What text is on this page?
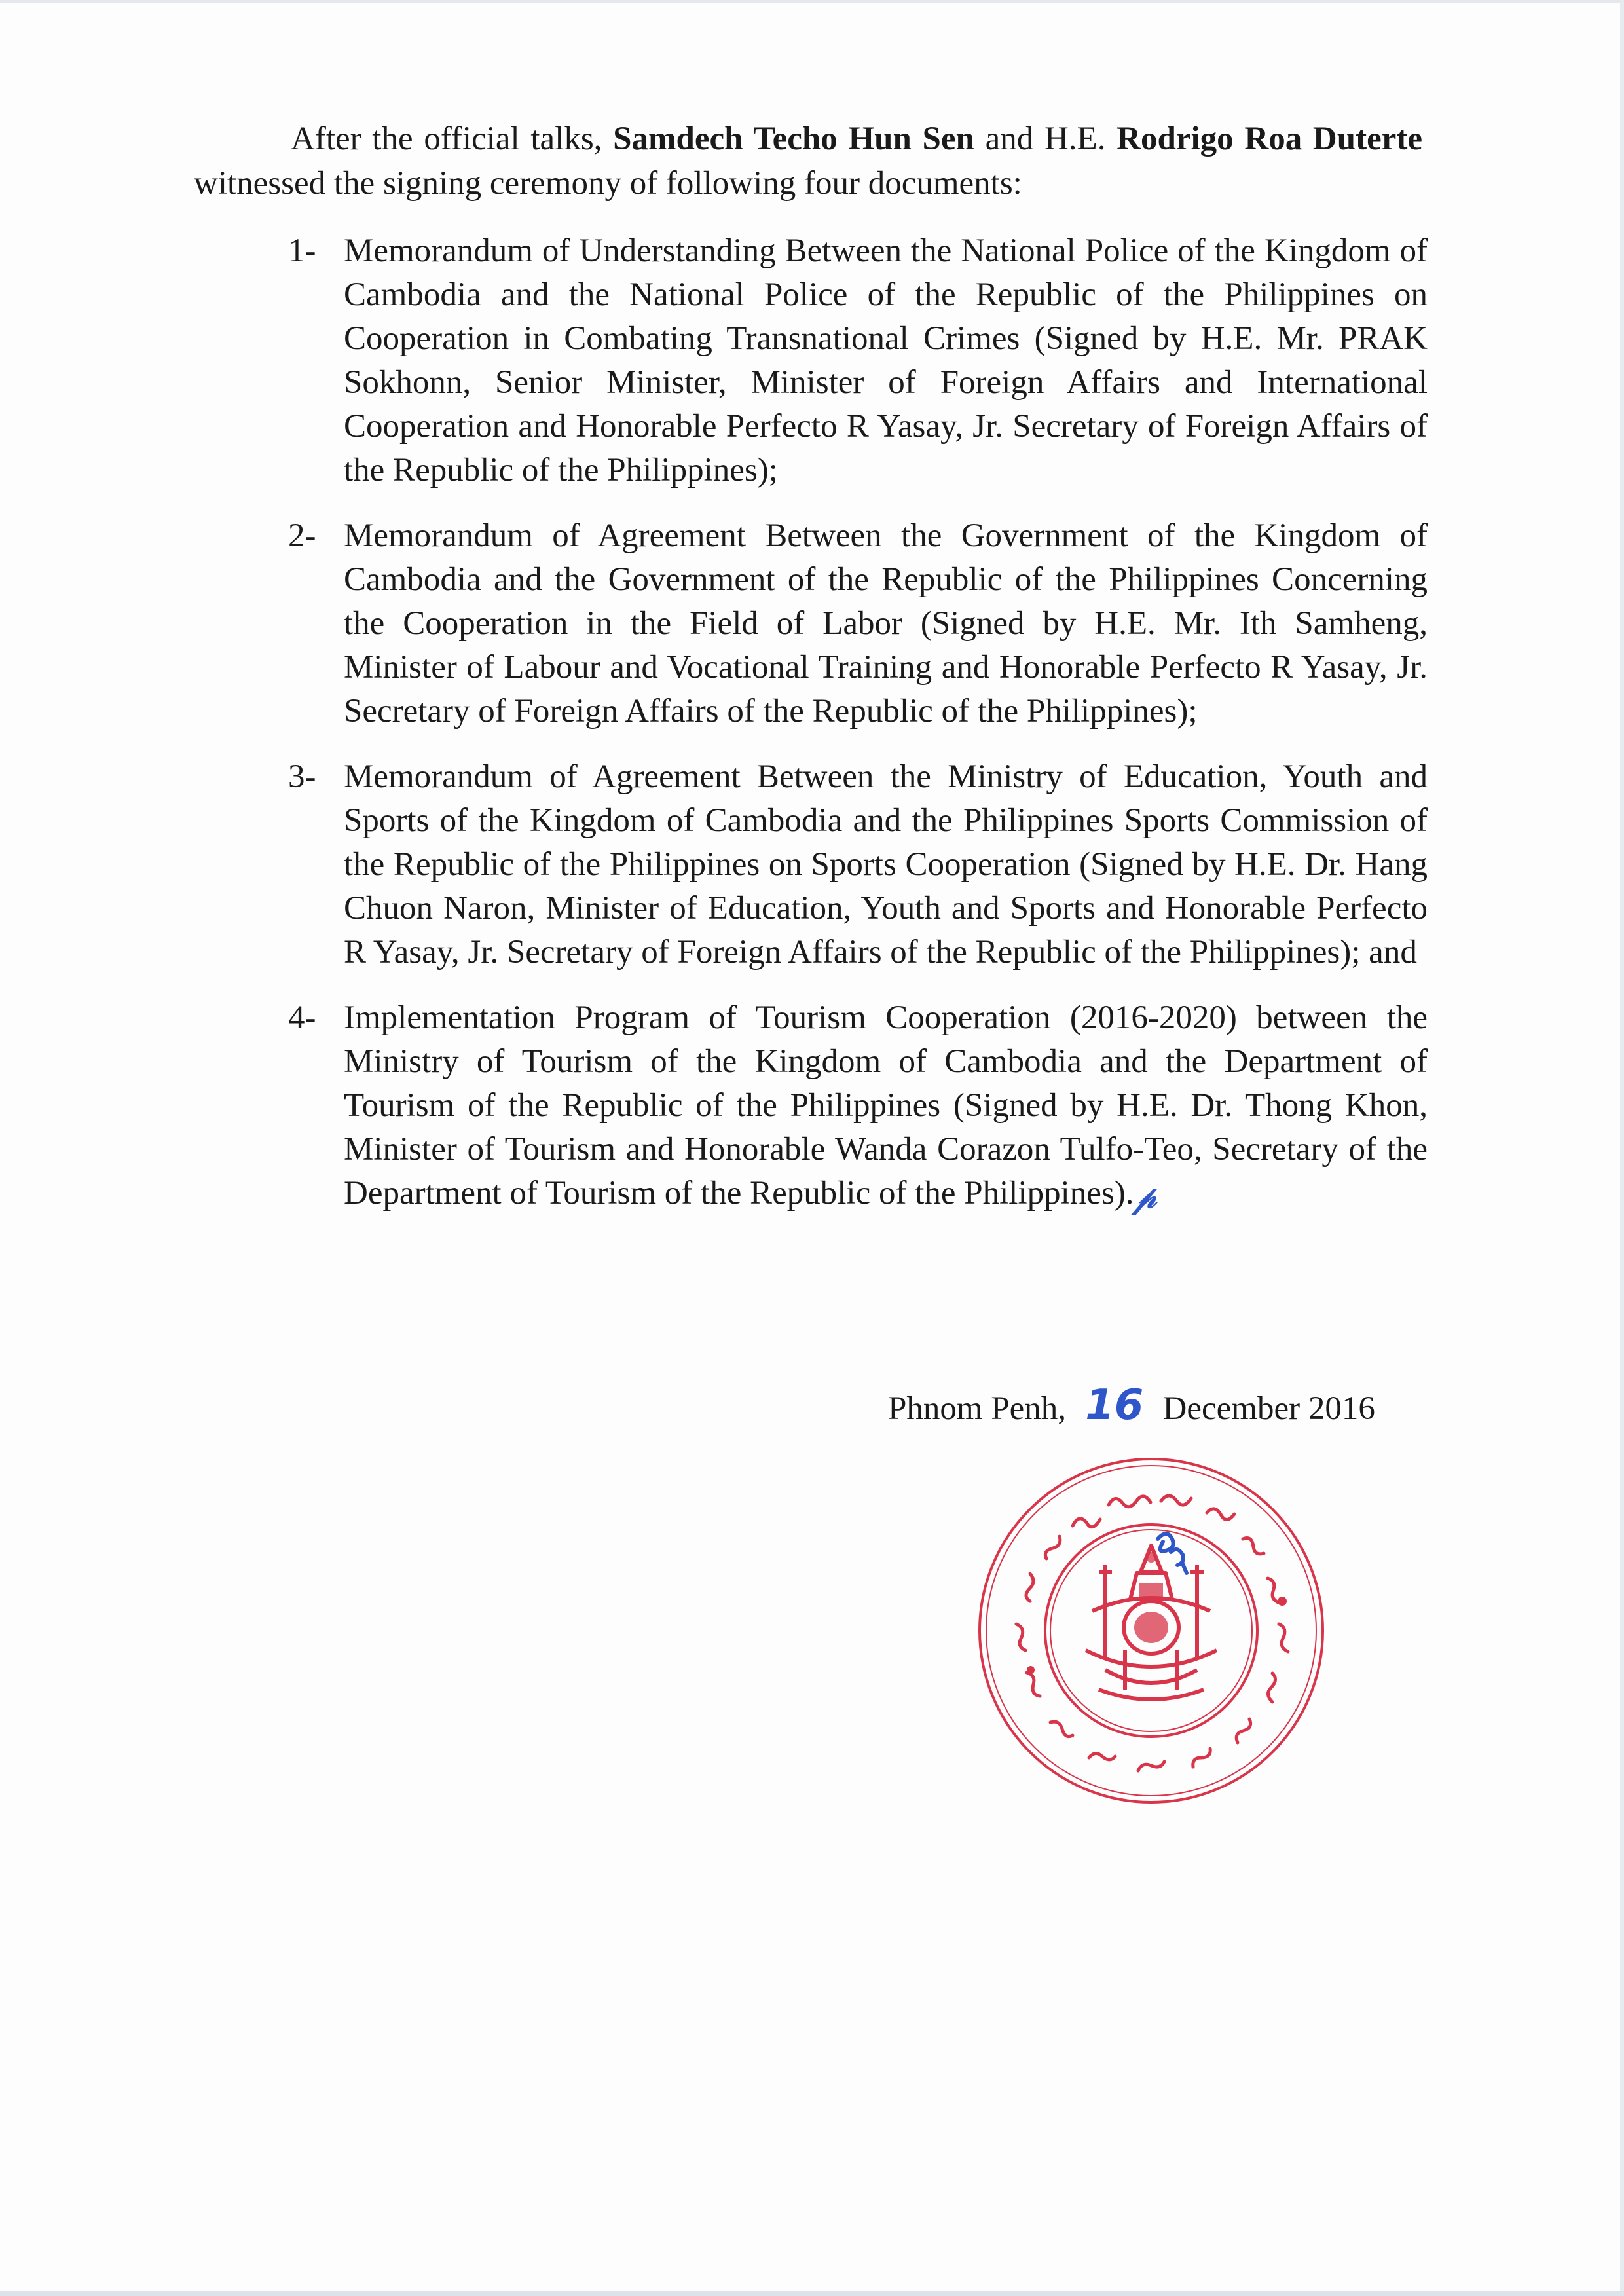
After the official talks, Samdech Techo Hun Sen and H.E. Rodrigo Roa Duterte witnessed the signing ceremony of following four documents:

1- Memorandum of Understanding Between the National Police of the Kingdom of Cambodia and the National Police of the Republic of the Philippines on Cooperation in Combating Transnational Crimes (Signed by H.E. Mr. PRAK Sokhonn, Senior Minister, Minister of Foreign Affairs and International Cooperation and Honorable Perfecto R Yasay, Jr. Secretary of Foreign Affairs of the Republic of the Philippines);
2- Memorandum of Agreement Between the Government of the Kingdom of Cambodia and the Government of the Republic of the Philippines Concerning the Cooperation in the Field of Labor (Signed by H.E. Mr. Ith Samheng, Minister of Labour and Vocational Training and Honorable Perfecto R Yasay, Jr. Secretary of Foreign Affairs of the Republic of the Philippines);
3- Memorandum of Agreement Between the Ministry of Education, Youth and Sports of the Kingdom of Cambodia and the Philippines Sports Commission of the Republic of the Philippines on Sports Cooperation (Signed by H.E. Dr. Hang Chuon Naron, Minister of Education, Youth and Sports and Honorable Perfecto R Yasay, Jr. Secretary of Foreign Affairs of the Republic of the Philippines); and
4- Implementation Program of Tourism Cooperation (2016-2020) between the Ministry of Tourism of the Kingdom of Cambodia and the Department of Tourism of the Republic of the Philippines (Signed by H.E. Dr. Thong Khon, Minister of Tourism and Honorable Wanda Corazon Tulfo-Teo, Secretary of the Department of Tourism of the Republic of the Philippines).𝓅
Phnom Penh, 16 December 2016
